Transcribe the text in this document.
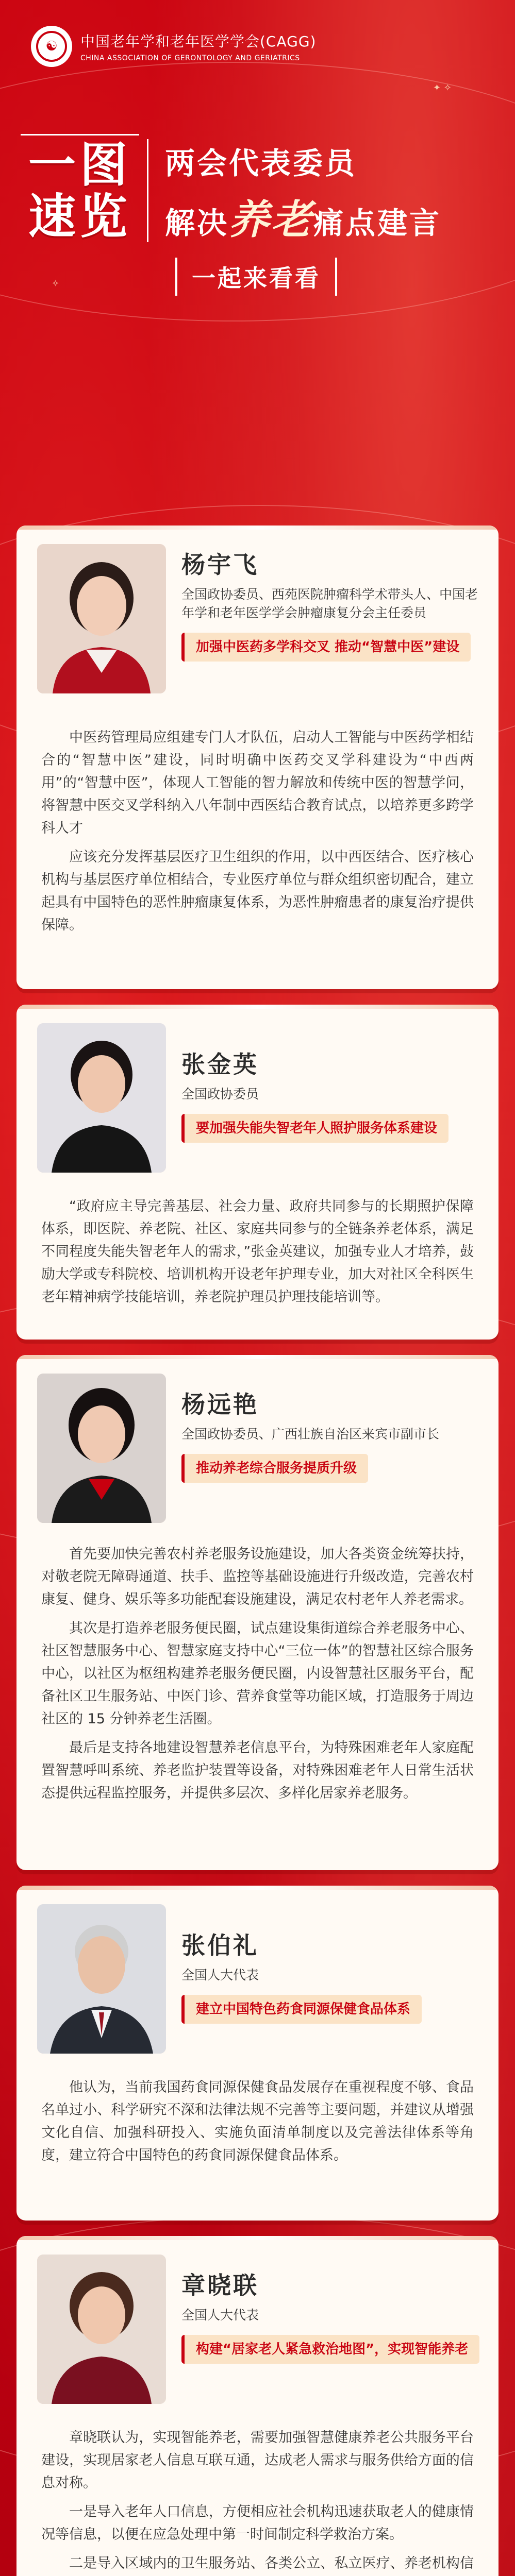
✦ ✧
✧
☯	中国老年学和老年医学学会(CAGG)
CHINA ASSOCIATION OF GERONTOLOGY AND GERIATRICS
一图
速览
两会代表委员
解决养老痛点建言
一起来看看
杨宇飞
全国政协委员、西苑医院肿瘤科学术带头人、中国老年学和老年医学学会肿瘤康复分会主任委员
加强中医药多学科交叉 推动“智慧中医”建设

中医药管理局应组建专门人才队伍，启动人工智能与中医药学相结合的“智慧中医”建设，同时明确中医药交叉学科建设为“中西两用”的“智慧中医”，体现人工智能的智力解放和传统中医的智慧学问，将智慧中医交叉学科纳入八年制中西医结合教育试点，以培养更多跨学科人才

应该充分发挥基层医疗卫生组织的作用，以中西医结合、医疗核心机构与基层医疗单位相结合，专业医疗单位与群众组织密切配合，建立起具有中国特色的恶性肿瘤康复体系，为恶性肿瘤患者的康复治疗提供保障。

张金英
全国政协委员
要加强失能失智老年人照护服务体系建设

“政府应主导完善基层、社会力量、政府共同参与的长期照护保障体系，即医院、养老院、社区、家庭共同参与的全链条养老体系，满足不同程度失能失智老年人的需求，”张金英建议，加强专业人才培养，鼓励大学或专科院校、培训机构开设老年护理专业，加大对社区全科医生老年精神病学技能培训，养老院护理员护理技能培训等。

杨远艳
全国政协委员、广西壮族自治区来宾市副市长
推动养老综合服务提质升级

首先要加快完善农村养老服务设施建设，加大各类资金统筹扶持，对敬老院无障碍通道、扶手、监控等基础设施进行升级改造，完善农村康复、健身、娱乐等多功能配套设施建设，满足农村老年人养老需求。

其次是打造养老服务便民圈，试点建设集街道综合养老服务中心、社区智慧服务中心、智慧家庭支持中心“三位一体”的智慧社区综合服务中心，以社区为枢纽构建养老服务便民圈，内设智慧社区服务平台，配备社区卫生服务站、中医门诊、营养食堂等功能区域，打造服务于周边社区的 15 分钟养老生活圈。

最后是支持各地建设智慧养老信息平台，为特殊困难老年人家庭配置智慧呼叫系统、养老监护装置等设备，对特殊困难老年人日常生活状态提供远程监控服务，并提供多层次、多样化居家养老服务。

张伯礼
全国人大代表
建立中国特色药食同源保健食品体系

他认为，当前我国药食同源保健食品发展存在重视程度不够、食品名单过小、科学研究不深和法律法规不完善等主要问题，并建议从增强文化自信、加强科研投入、实施负面清单制度以及完善法律体系等角度，建立符合中国特色的药食同源保健食品体系。

章晓联
全国人大代表
构建“居家老人紧急救治地图”，实现智能养老

章晓联认为，实现智能养老，需要加强智慧健康养老公共服务平台建设，实现居家老人信息互联互通，达成老人需求与服务供给方面的信息对称。

一是导入老年人口信息，方便相应社会机构迅速获取老人的健康情况等信息，以便在应急处理中第一时间制定科学救治方案。

二是导入区域内的卫生服务站、各类公立、私立医疗、养老机构信
